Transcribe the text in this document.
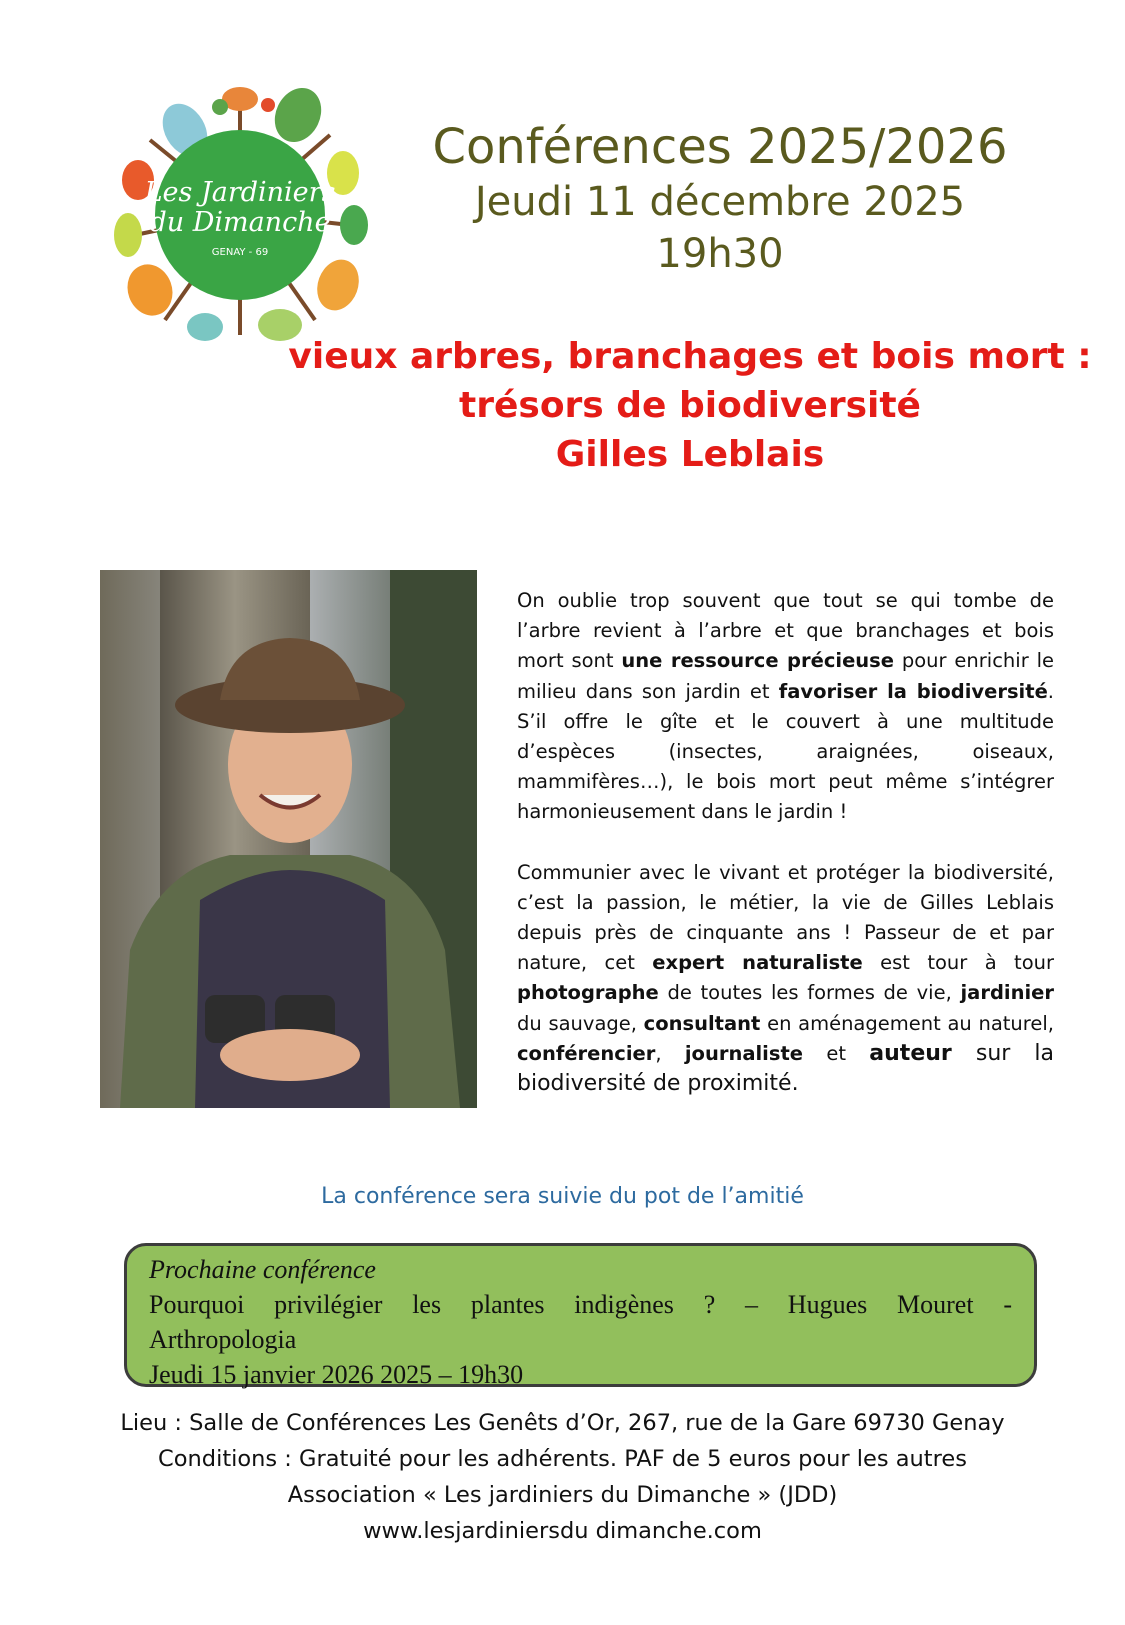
Les Jardiniers
du Dimanche
GENAY - 69
Conférences 2025/2026
Jeudi 11 décembre 2025
19h30
vieux arbres, branchages et bois mort :
trésors de biodiversité
Gilles Leblais

On oublie trop souvent que tout se qui tombe de l’arbre revient à l’arbre et que branchages et bois mort sont une ressource précieuse pour enrichir le milieu dans son jardin et favoriser la biodiversité. S’il offre le gîte et le couvert à une multitude d’espèces (insectes, araignées, oiseaux, mammifères…), le bois mort peut même s’intégrer harmonieusement dans le jardin !

Communier avec le vivant et protéger la biodiversité, c’est la passion, le métier, la vie de Gilles Leblais depuis près de cinquante ans ! Passeur de et par nature, cet expert naturaliste est tour à tour photographe de toutes les formes de vie, jardinier du sauvage, consultant en aménagement au naturel, conférencier, journaliste et auteur sur la biodiversité de proximité.

La conférence sera suivie du pot de l’amitié
Prochaine conférence
Pourquoi privilégier les plantes indigènes ? – Hugues Mouret -
Arthropologia
Jeudi 15 janvier 2026 2025 – 19h30
Lieu : Salle de Conférences Les Genêts d’Or, 267, rue de la Gare 69730 Genay
Conditions : Gratuité pour les adhérents. PAF de 5 euros pour les autres
Association « Les jardiniers du Dimanche » (JDD)
www.lesjardiniersdu dimanche.com
